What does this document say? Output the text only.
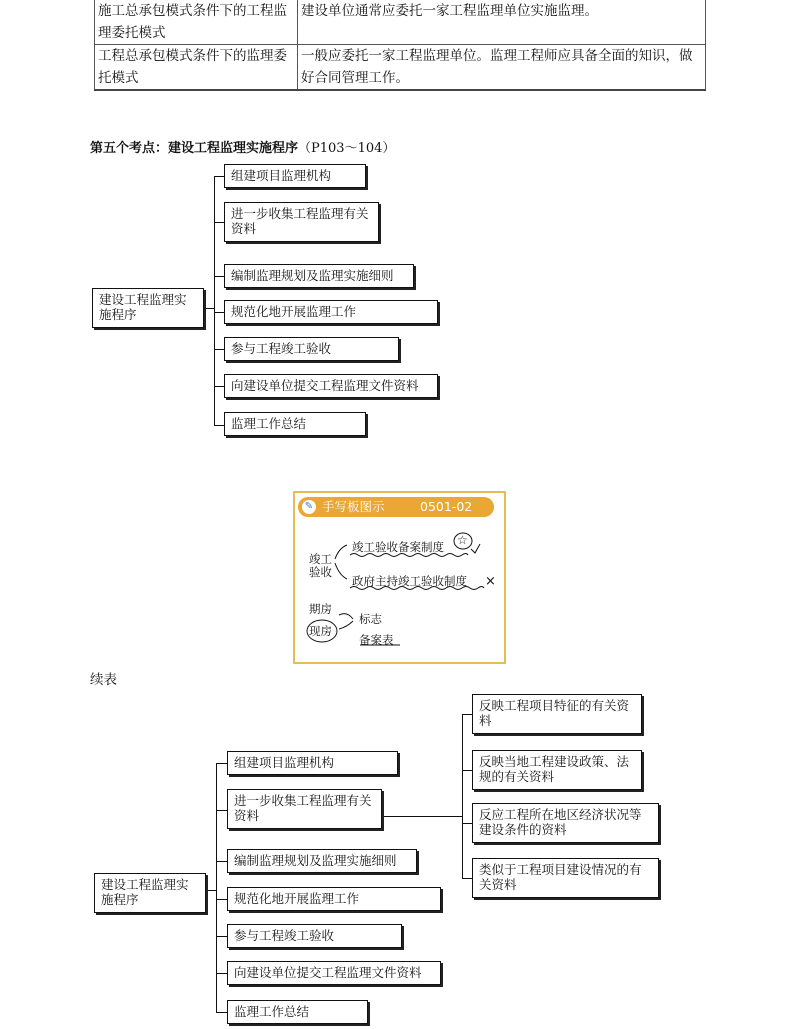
施工总承包模式条件下的工程监理委托模式	建设单位通常应委托一家工程监理单位实施监理。
工程总承包模式条件下的监理委托模式	一般应委托一家工程监理单位。监理工程师应具备全面的知识，做好合同管理工作。
第五个考点：建设工程监理实施程序（P103～104）
建设工程监理实施程序
组建项目监理机构
进一步收集工程监理有关资料
编制监理规划及监理实施细则
规范化地开展监理工作
参与工程竣工验收
向建设单位提交工程监理文件资料
监理工作总结
✎ 手写板图示	0501-02
☆
竣工验收
竣工验收备案制度
政府主持竣工验收制度 ×
期房
现房
标志
备案表
续表
建设工程监理实施程序
组建项目监理机构
进一步收集工程监理有关资料
编制监理规划及监理实施细则
规范化地开展监理工作
参与工程竣工验收
向建设单位提交工程监理文件资料
监理工作总结
反映工程项目特征的有关资料
反映当地工程建设政策、法规的有关资料
反应工程所在地区经济状况等建设条件的资料
类似于工程项目建设情况的有关资料
